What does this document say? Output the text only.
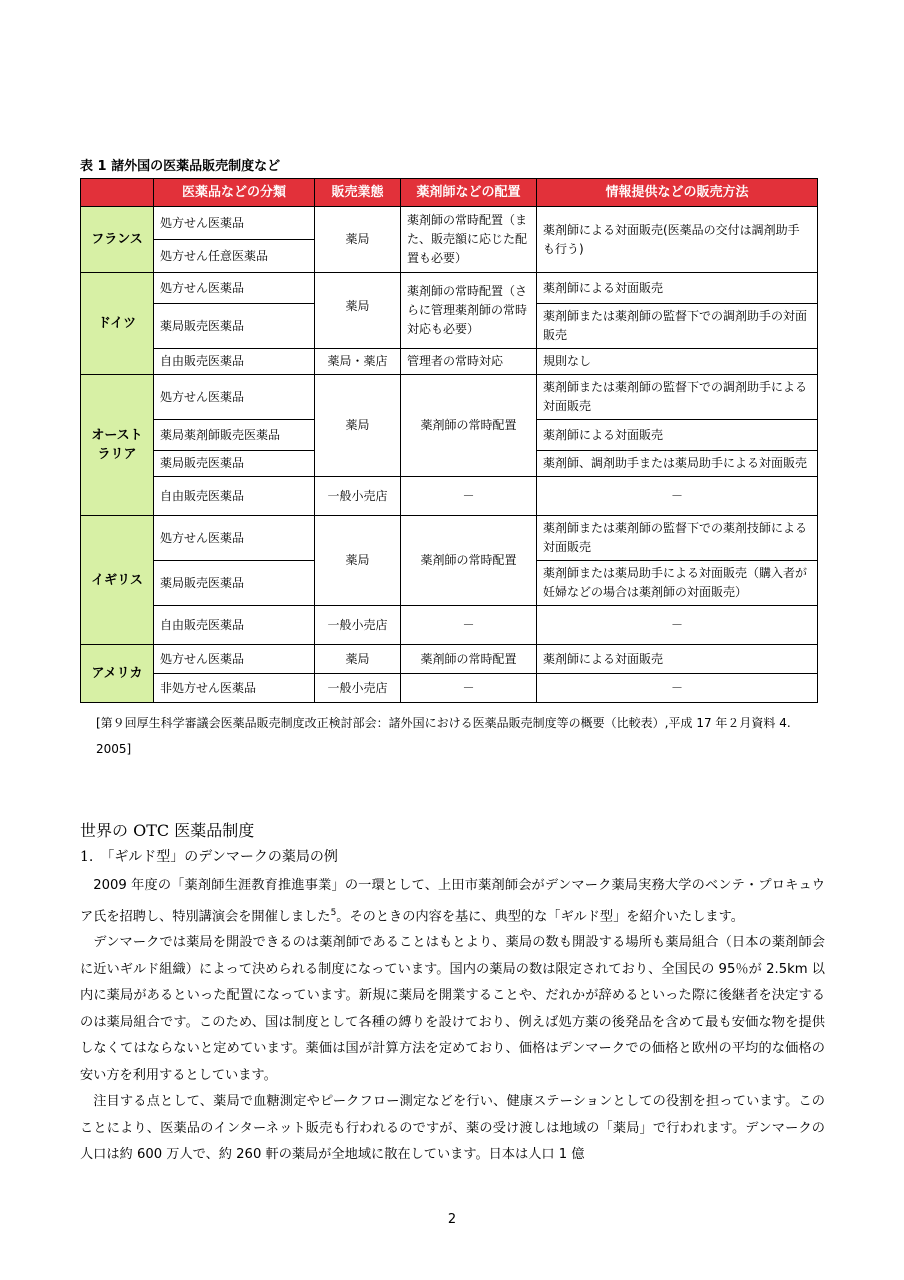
表 1 諸外国の医薬品販売制度など
	医薬品などの分類	販売業態	薬剤師などの配置	情報提供などの販売方法
フランス	処方せん医薬品	薬局	薬剤師の常時配置（また、販売額に応じた配置も必要）	薬剤師による対面販売(医薬品の交付は調剤助手も行う)
	処方せん任意医薬品			
ドイツ	処方せん医薬品	薬局	薬剤師の常時配置（さらに管理薬剤師の常時対応も必要）	薬剤師による対面販売
	薬局販売医薬品			薬剤師または薬剤師の監督下での調剤助手の対面販売
	自由販売医薬品	薬局・薬店	管理者の常時対応	規則なし
オーストラリア	処方せん医薬品	薬局	薬剤師の常時配置	薬剤師または薬剤師の監督下での調剤助手による対面販売
	薬局薬剤師販売医薬品			薬剤師による対面販売
	薬局販売医薬品			薬剤師、調剤助手または薬局助手による対面販売
	自由販売医薬品	一般小売店	－	－
イギリス	処方せん医薬品	薬局	薬剤師の常時配置	薬剤師または薬剤師の監督下での薬剤技師による対面販売
	薬局販売医薬品			薬剤師または薬局助手による対面販売（購入者が妊婦などの場合は薬剤師の対面販売）
	自由販売医薬品	一般小売店	－	－
アメリカ	処方せん医薬品	薬局	薬剤師の常時配置	薬剤師による対面販売
	非処方せん医薬品	一般小売店	－	－
[第９回厚生科学審議会医薬品販売制度改正検討部会：諸外国における医薬品販売制度等の概要（比較表）,平成 17 年２月資料 4. 2005]
世界の OTC 医薬品制度
1.　「ギルド型」のデンマークの薬局の例

2009 年度の「薬剤師生涯教育推進事業」の一環として、上田市薬剤師会がデンマーク薬局実務大学のベンテ・プロキュウア氏を招聘し、特別講演会を開催しました$^5$。そのときの内容を基に、典型的な「ギルド型」を紹介いたします。

デンマークでは薬局を開設できるのは薬剤師であることはもとより、薬局の数も開設する場所も薬局組合（日本の薬剤師会に近いギルド組織）によって決められる制度になっています。国内の薬局の数は限定されており、全国民の 95％が 2.5km 以内に薬局があるといった配置になっています。新規に薬局を開業することや、だれかが辞めるといった際に後継者を決定するのは薬局組合です。このため、国は制度として各種の縛りを設けており、例えば処方薬の後発品を含めて最も安価な物を提供しなくてはならないと定めています。薬価は国が計算方法を定めており、価格はデンマークでの価格と欧州の平均的な価格の安い方を利用するとしています。

注目する点として、薬局で血糖測定やピークフロー測定などを行い、健康ステーションとしての役割を担っています。このことにより、医薬品のインターネット販売も行われるのですが、薬の受け渡しは地域の「薬局」で行われます。デンマークの人口は約 600 万人で、約 260 軒の薬局が全地域に散在しています。日本は人口 1 億

2
